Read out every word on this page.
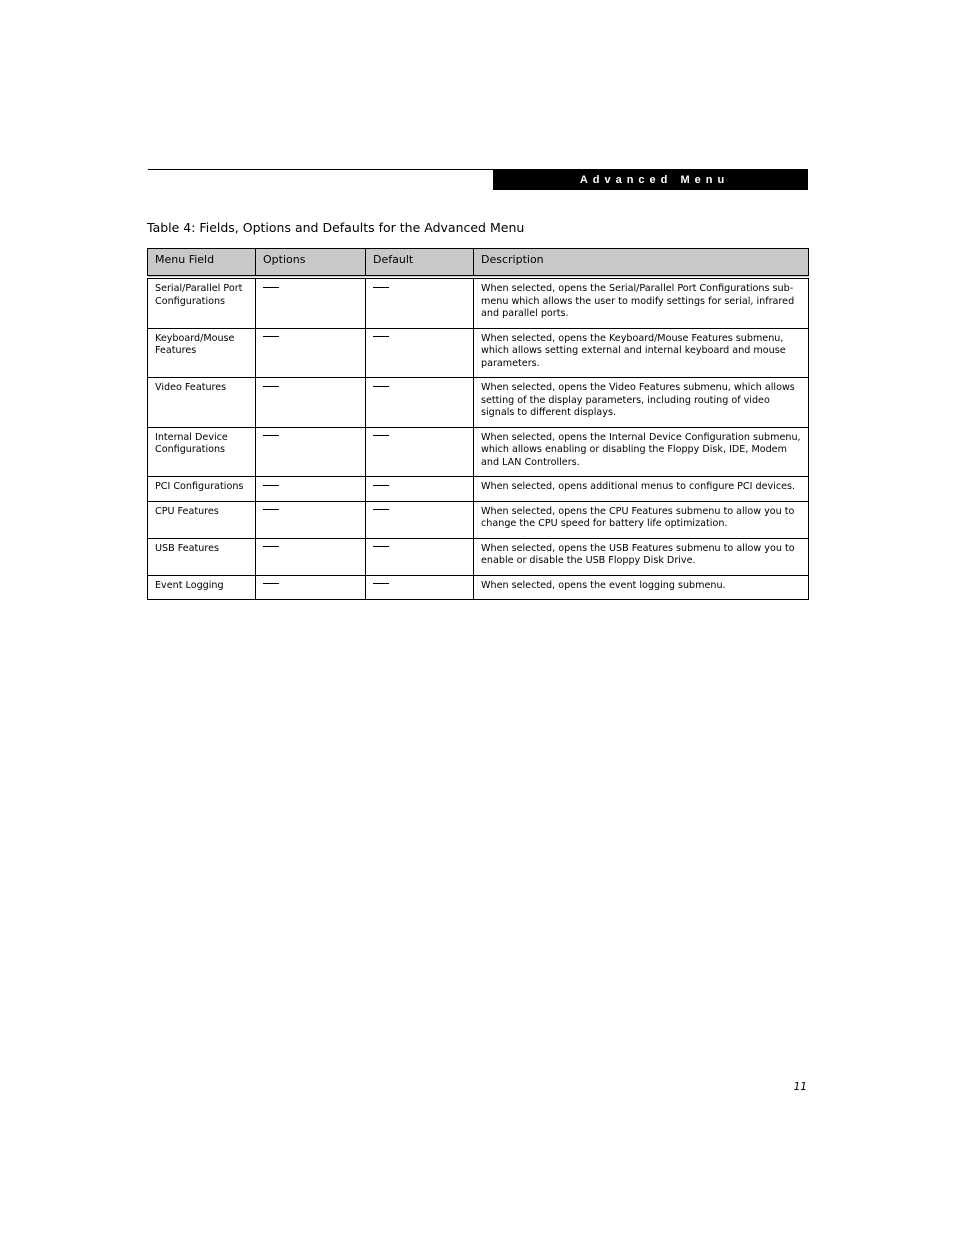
Advanced Menu
Table 4: Fields, Options and Defaults for the Advanced Menu
Menu Field	Options	Default	Description
Serial/Parallel Port Configurations			When selected, opens the Serial/Parallel Port Configurations sub-menu which allows the user to modify settings for serial, infrared and parallel ports.
Keyboard/Mouse Features			When selected, opens the Keyboard/Mouse Features submenu, which allows setting external and internal keyboard and mouse parameters.
Video Features			When selected, opens the Video Features submenu, which allows setting of the display parameters, including routing of video signals to different displays.
Internal Device Configurations			When selected, opens the Internal Device Configuration submenu, which allows enabling or disabling the Floppy Disk, IDE, Modem and LAN Controllers.
PCI Configurations			When selected, opens additional menus to configure PCI devices.
CPU Features			When selected, opens the CPU Features submenu to allow you to change the CPU speed for battery life optimization.
USB Features			When selected, opens the USB Features submenu to allow you to enable or disable the USB Floppy Disk Drive.
Event Logging			When selected, opens the event logging submenu.
11
